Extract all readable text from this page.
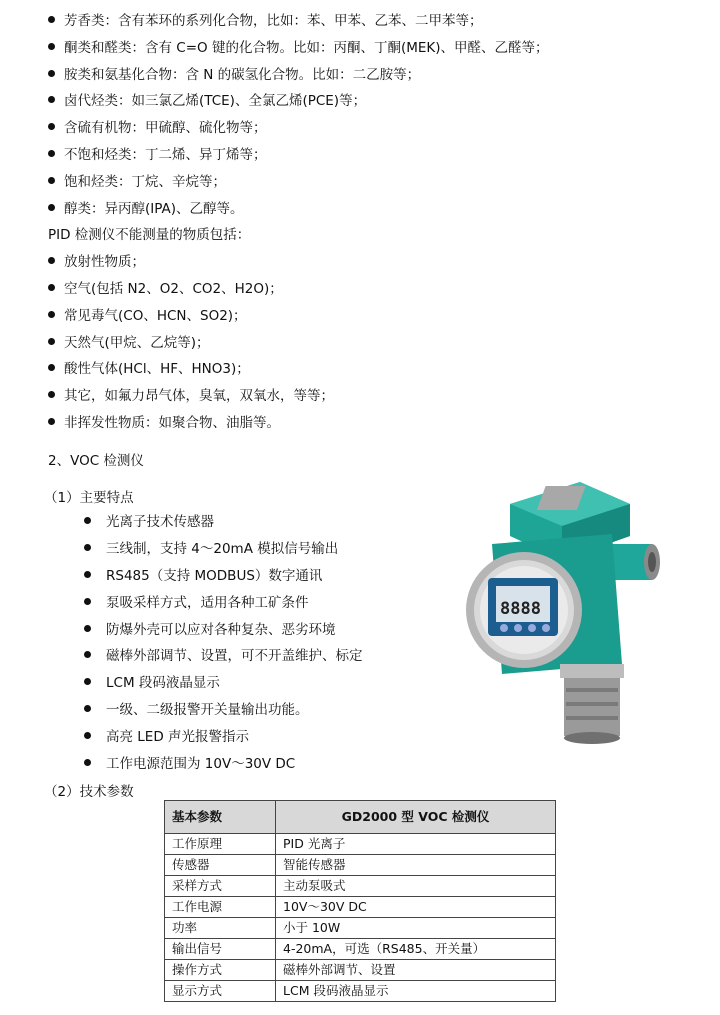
芳香类：含有苯环的系列化合物，比如：苯、甲苯、乙苯、二甲苯等；
酮类和醛类：含有 C=O 键的化合物。比如：丙酮、丁酮(MEK)、甲醛、乙醛等；
胺类和氨基化合物：含 N 的碳氢化合物。比如：二乙胺等；
卤代烃类：如三氯乙烯(TCE)、全氯乙烯(PCE)等；
含硫有机物：甲硫醇、硫化物等；
不饱和烃类：丁二烯、异丁烯等；
饱和烃类：丁烷、辛烷等；
醇类：异丙醇(IPA)、乙醇等。
PID 检测仪不能测量的物质包括：
放射性物质；
空气(包括 N2、O2、CO2、H2O)；
常见毒气(CO、HCN、SO2)；
天然气(甲烷、乙烷等)；
酸性气体(HCl、HF、HNO3)；
其它，如氟力昂气体，臭氧，双氧水，等等；
非挥发性物质：如聚合物、油脂等。
2、VOC 检测仪
（1）主要特点
光离子技术传感器
三线制，支持 4～20mA 模拟信号输出
RS485（支持 MODBUS）数字通讯
泵吸采样方式，适用各种工矿条件
防爆外壳可以应对各种复杂、恶劣环境
磁棒外部调节、设置，可不开盖维护、标定
LCM 段码液晶显示
一级、二级报警开关量输出功能。
高亮 LED 声光报警指示
工作电源范围为 10V～30V DC
8888
（2）技术参数
基本参数	GD2000 型 VOC 检测仪
工作原理	PID 光离子
传感器	智能传感器
采样方式	主动泵吸式
工作电源	10V～30V DC
功率	小于 10W
输出信号	4-20mA，可选（RS485、开关量）
操作方式	磁棒外部调节、设置
显示方式	LCM 段码液晶显示
